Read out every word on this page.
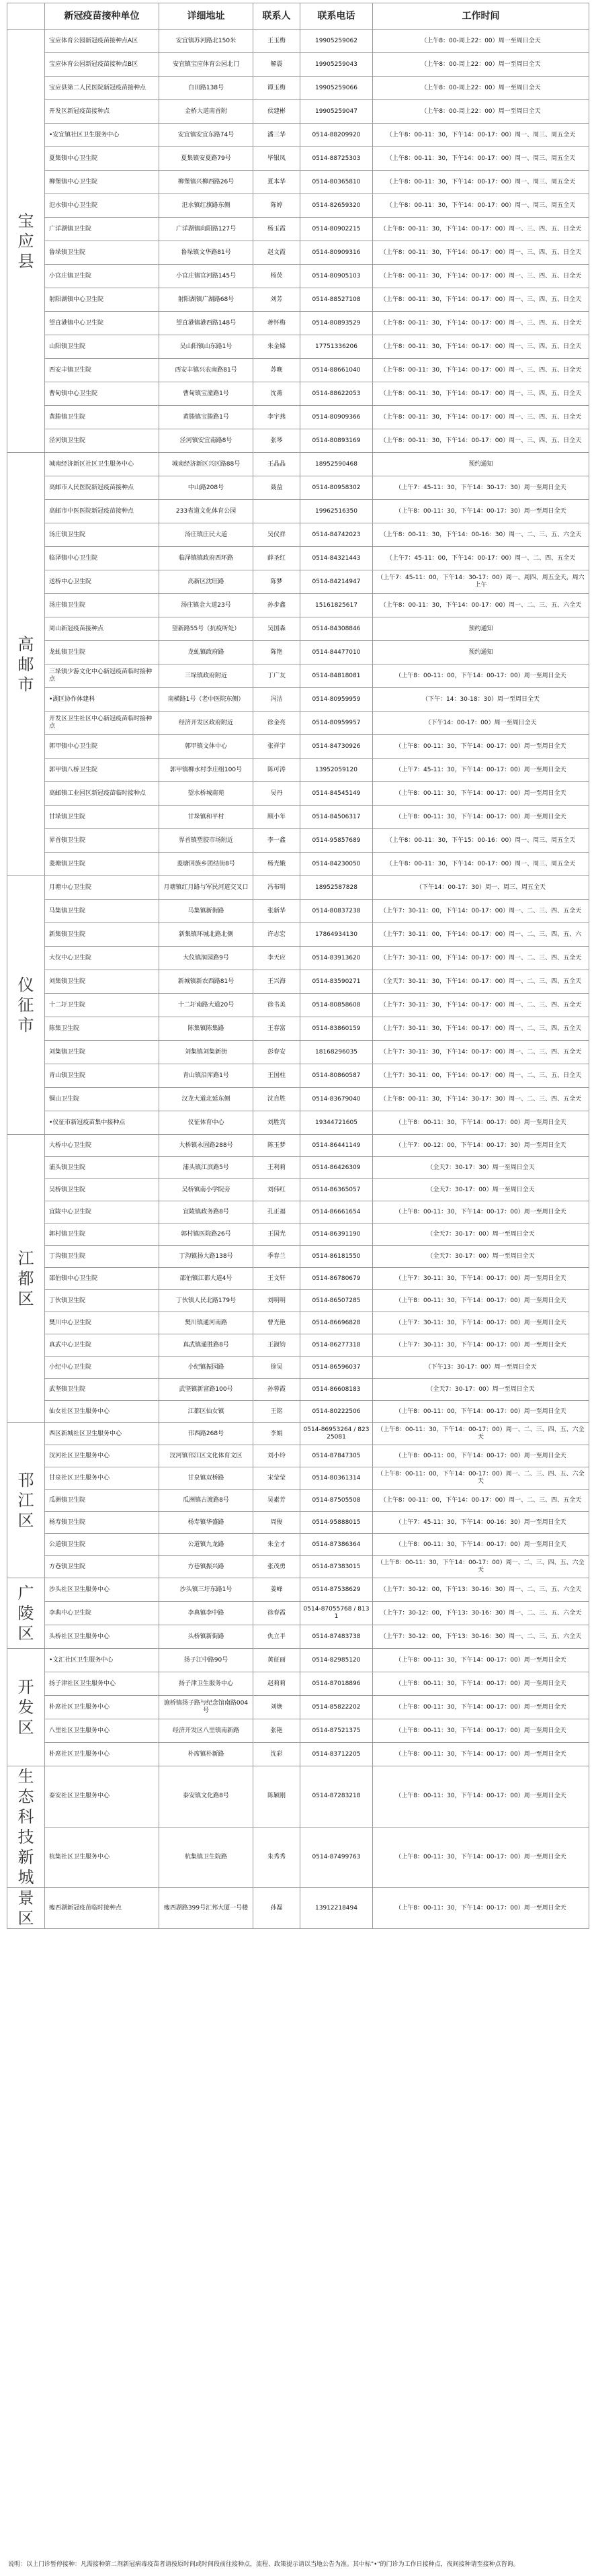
	新冠疫苗接种单位	详细地址	联系人	联系电话	工作时间
宝应县	宝应体育公园新冠疫苗接种点A区	安宜镇苏河路北150米	王玉梅	19905259062	（上午8：00-周上22：00）周一至周日全天
	宝应体育公园新冠疫苗接种点B区	安宜镇宝应体育公园北门	解震	19905259043	（上午8：00-周上22：00）周一至周日全天
	宝应县第二人民医院新冠疫苗接种点	白田路138号	谭玉梅	19905259066	（上午8：00-周上22：00）周一至周日全天
	开发区新冠疫苗接种点	金桥大道南首附	侯建彬	19905259047	（上午8：00-周上22：00）周一至周日全天
	•安宜镇社区卫生服务中心	安宜镇安宜东路74号	潘三华	0514-88209920	（上午8：00-11：30，下午14：00-17：00）周一、周三、周五全天
	夏集镇中心卫生院	夏集镇安夏路79号	毕银凤	0514-88725303	（上午8：00-11：30，下午14：00-17：00）周一、周三、周五全天
	柳堡镇中心卫生院	柳堡镇兴柳西路26号	夏本华	0514-80365810	（上午8：00-11：30，下午14：00-17：00）周一、周三、周五全天
	氾水镇中心卫生院	氾水镇红旗路东侧	陈婷	0514-82659320	（上午8：00-11：30，下午14：00-17：00）周一、周三、周五全天
	广洋湖镇卫生院	广洋湖镇向阳路127号	杨玉霞	0514-80902215	（上午8：00-11：30，下午14：00-17：00）周一、三、四、五、日全天
	鲁垛镇卫生院	鲁垛镇文华路81号	赵文霞	0514-80909316	（上午8：00-11：30，下午14：00-17：00）周一、三、四、五、日全天
	小官庄镇卫生院	小官庄镇官河路145号	杨荧	0514-80905103	（上午8：00-11：30，下午14：00-17：00）周一、三、四、五、日全天
	射阳湖镇中心卫生院	射阳湖镇广湖路68号	刘芳	0514-88527108	（上午8：00-11：30，下午14：00-17：00）周一、三、四、五、日全天
	望直港镇中心卫生院	望直港镇港西路148号	蒋怀梅	0514-80893529	（上午8：00-11：30，下午14：00-17：00）周一、三、四、五、日全天
	山阳镇卫生院	吴山阳镇山东路1号	朱金娣	17751336206	（上午8：00-11：30，下午14：00-17：00）周一、三、四、五、日全天
	西安丰镇卫生院	西安丰镇兴农南路81号	苏晚	0514-88661040	（上午8：00-11：30，下午14：00-17：00）周一、三、四、五、日全天
	曹甸镇中心卫生院	曹甸镇宝潼路1号	沈燕	0514-88622053	（上午8：00-11：30，下午14：00-17：00）周一、三、四、五、日全天
	黄塍镇卫生院	黄塍镇宝塍路1号	李宇燕	0514-80909366	（上午8：00-11：30，下午14：00-17：00）周一、三、四、五、日全天
	泾河镇卫生院	泾河镇安宜南路8号	张琴	0514-80893169	（上午8：00-11：30，下午14：00-17：00）周一、三、四、五、日全天
高邮市	城南经济新区社区卫生服务中心	城南经济新区兴区路88号	王晶晶	18952590468	预约通知
	高邮市人民医院新冠疫苗接种点	中山路208号	聂益	0514-80958302	（上午7：45-11：30，下午14：30-17：30）周一至周日全天
	高邮市中医医院新冠疫苗接种点	233省道文化体育公园		19962516350	（上午8：00-11：30，下午14：00-17：30）周一至周日全天
	汤庄镇卫生院	汤庄镇庄民大道	吴仪祥	0514-84742023	（上午8：00-11：30，下午14：00-16：30）周一、二、三、五、六全天
	临泽镇中心卫生院	临泽镇镇政府西环路	薛圣红	0514-84321443	（上午7：45-11：00，下午14：00-17：00）周一、二、四、五全天
	送桥中心卫生院	高新区沈旺路	陈梦	0514-84214947	（上午7：45-11：00，下午14：30-17：00）周一、周四、周五全天，周六上午
	汤庄镇卫生院	汤庄镇金大道23号	孙步鑫	15161825617	（上午8：00-11：30，下午14：00-17：00）周一、二、三、五、六全天
	周山新冠疫苗接种点	望新路55号（抗疫所处）	吴国森	0514-84308846	预约通知
	龙虬镇卫生院	龙虬镇政府路	陈艳	0514-84477010	预约通知
	三垛镇少游文化中心新冠疫苗临时接种点	三垛镇政府附近	丁广友	0514-84818081	（上午8：00-11：00，下午14：00-17：00）周一至周日全天
	•湖区协作体建科	南横路1号（老中医院东侧）	冯洁	0514-80959959	（下午：14：30-18：30）周一至周日全天
	开发区卫生社区中心新冠疫苗临时接种点	经济开发区政府附近	徐金亮	0514-80959957	（下午14：00-17：00）周一至周日全天
	郭甲镇中心卫生院	郭甲镇文体中心	张祥宇	0514-84730926	（上午8：00-11：30，下午14：00-17：00）周一至周日全天
	郭甲镇八桥卫生院	郭甲镇柳水村李庄组100号	陈可涛	13952059120	（上午7：45-11：30，下午14：00-17：00）周一至周日全天
	高邮镇工业园区新冠疫苗临时接种点	望水桥城南苑	吴丹	0514-84545149	（上午8：00-11：30，下午14：00-17：00）周一至周日全天
	甘垛镇卫生院	甘垛镇和平村	顾小年	0514-84506317	（上午8：00-11：30，下午14：00-17：00）周一至周日全天
	界首镇卫生院	界首镇塑胶市场附近	李一鑫	0514-95857689	（上午8：00-11：30，下午15：00-16：00）周一、周三、周五全天
	菱塘镇卫生院	菱塘回族乡团结街8号	杨光娥	0514-84230050	（上午8：00-11：30，下午14：00-17：00）周一、周三、周五全天
仪征市	月塘中心卫生院	月塘镇红月路与军民河道交叉口	冯布明	18952587828	（下午14：00-17：30）周一、周三、周五全天
	马集镇卫生院	马集镇新街路	张新华	0514-80837238	（上午7：30-11：00，下午14：00-17：00）周一、二、三、四、五全天
	新集镇卫生院	新集镇环城北路北侧	许志宏	17864934130	（上午7：30-11：00，下午14：00-17：00）周一、二、三、四、五、六
	大仪中心卫生院	大仪镇润园路9号	李天应	0514-83913620	（上午7：30-11：00，下午14：00-17：00）周一、二、三、四、五全天
	刘集镇卫生院	新城镇新农西路81号	王兴海	0514-83590271	（全天7：30-11：30，下午14：00-17：00）周一、二、三、四、五全天
	十二圩卫生院	十二圩南路大道20号	徐书美	0514-80858608	（上午7：30-11：30，下午14：00-17：00）周一、二、三、四、五全天
	陈集卫生院	陈集镇陈集路	王春富	0514-83860159	（上午7：30-11：30，下午14：00-17：00）周一、二、三、四、五全天
	刘集镇卫生院	刘集镇刘集新街	彭春安	18168296035	（上午7：30-11：30，下午14：00-17：00）周一、二、三、四、五全天
	青山镇卫生院	青山镇沿库路1号	王国柱	0514-80860587	（上午7：30-11：00，下午14：00-17：00）周一、二、三、五、日全天
	铜山卫生院	汉龙大道北延东侧	沈自胜	0514-83679040	（上午8：00-11：30，下午14：30-17：30）周一、二、三、四、五全天
	•仪征市新冠疫苗集中接种点	仪征体育中心	刘胜宾	19344721605	（上午8：00-11：30，下午14：00-17：00）周一至周日全天
江都区	大桥中心卫生院	大桥镇永固路288号	陈玉梦	0514-86441149	（上午7：00-12：00，下午14：00-17：30）周一至周日全天
	浦头镇卫生院	浦头镇江滨路5号	王利莉	0514-86426309	（全天7：30-17：30）周一至周日全天
	吴桥镇卫生院	吴桥镇南小学院旁	刘伟红	0514-86365057	（全天7：30-17：00）周一至周日全天
	宜陵中心卫生院	宜陵镇政务路8号	孔正福	0514-86661654	（上午8：00-11：30，下午14：00-17：00）周一至周日全天
	郭村镇卫生院	郭村镇医院路26号	王国光	0514-86391190	（全天7：30-17：00）周一至周日全天
	丁沟镇卫生院	丁沟镇扬大路138号	季春兰	0514-86181550	（全天7：30-17：00）周一至周日全天
	邵伯镇中心卫生院	邵伯镇江都大道4号	王文轩	0514-86780679	（上午7：30-11：30，下午14：00-17：00）周一至周日全天
	丁伙镇卫生院	丁伙镇人民北路179号	刘明明	0514-86507285	（上午8：00-11：30，下午14：00-17：00）周一至周日全天
	樊川中心卫生院	樊川镇通河南路	曹光艳	0514-86696828	（上午7：30-11：30，下午14：00-17：00）周一至周日全天
	真武中心卫生院	真武镇通胜路8号	王淑钧	0514-86277318	（上午7：30-11：30，下午14：00-17：00）周一至周日全天
	小纪中心卫生院	小纪镇振园路	徐吴	0514-86596037	（下午13：30-17：00）周一至周日全天
	武坚镇卫生院	武坚镇新富路100号	孙蓉霞	0514-86608183	（全天7：30-17：00）周一至周日全天
	仙女社区卫生服务中心	江都区仙女镇	王铭	0514-80222506	（上午8：00-11：00，下午14：00-17：00）周一至周日全天
邗江区	西区新城社区卫生服务中心	邗西路268号	李娟	0514-86953264 / 82325081	（上午8：00-11：30，下午14：00-17：00）周一、二、三、四、五、六全天
	汊河社区卫生服务中心	汊河镇邗江区文化体育文区	刘小玲	0514-87847305	（上午8：00-11：00，下午14：00-17：00）周一至周日全天
	甘泉社区卫生服务中心	甘泉镇双桥路	宋莹莹	0514-80361314	（上午8：00-11：00，下午14：00-17：00）周一、二、三、四、五、六全天
	瓜洲镇卫生院	瓜洲镇古渡路8号	吴素芳	0514-87505508	（上午8：00-11：00，下午14：00-17：00）周一、二、三、四、五全天
	杨寿镇卫生院	杨寿镇华盛路	周俊	0514-95888015	（上午7：45-11：30，下午14：00-16：30）周一至周日全天
	公道镇卫生院	公道镇九龙路	朱全才	0514-87386364	（上午8：00-11：30，下午14：00-17：00）周一至周日全天
	方巷镇卫生院	方巷镇振兴路	张茂勇	0514-87383015	（上午8：00-11：30，下午14：00-17：00）周一、二、三、四、五、六全天
广陵区	沙头社区卫生服务中心	沙头镇三圩东路1号	姜峰	0514-87538629	（上午7：30-12：00，下午13：30-16：30）周一、二、三、五、六全天
	李典中心卫生院	李典镇李中路	徐春霞	0514-87055768 / 8131	（上午7：30-12：00，下午13：30-16：30）周一、二、三、五、六全天
	头桥社区卫生服务中心	头桥镇新街路	仇立平	0514-87483738	（上午7：30-12：00，下午13：30-16：30）周一、二、三、五、六全天
开发区	•文汇社区卫生服务中心	扬子江中路90号	黄征丽	0514-82985120	（上午8：00-11：30，下午14：00-17：00）周一至周日全天
	扬子津社区卫生服务中心	扬子津卫生服务中心	赵莉莉	0514-87018896	（上午8：00-11：30，下午14：00-17：00）周一至周日全天
	朴席社区卫生服务中心	施桥镇扬子路与纪念馆南路004号	刘焕	0514-85822202	（上午8：00-11：30，下午14：00-17：00）周一至周日全天
	八里社区卫生服务中心	经济开发区八里镇南新路	张艳	0514-87521375	（上午8：00-11：30，下午14：00-17：00）周一至周日全天
	朴席社区卫生服务中心	朴席镇朴新路	沈彩	0514-83712205	（上午8：00-11：30，下午14：00-17：00）周一至周日全天
生态科技新城	泰安社区卫生服务中心	泰安镇文化路8号	陈颖刚	0514-87283218	（上午8：00-11：30，下午14：00-17：00）周一至周日全天
	杭集社区卫生服务中心	杭集镇卫生院路	朱秀秀	0514-87499763	（上午8：00-11：30，下午14：00-17：00）周一至周日全天
景区	瘦西湖新冠疫苗临时接种点	瘦西湖路399号汇邦大厦一号楼	孙磊	13912218494	（上午8：00-11：30，下午14：00-17：00）周一至周日全天
说明：以上门诊暂停接种：凡需接种第二剂新冠病毒疫苗者请按原时间或时间段前往接种点，流程、政策提示请以当地公告为准。其中标"•"的门诊为工作日接种点，夜间接种请至接种点咨询。
